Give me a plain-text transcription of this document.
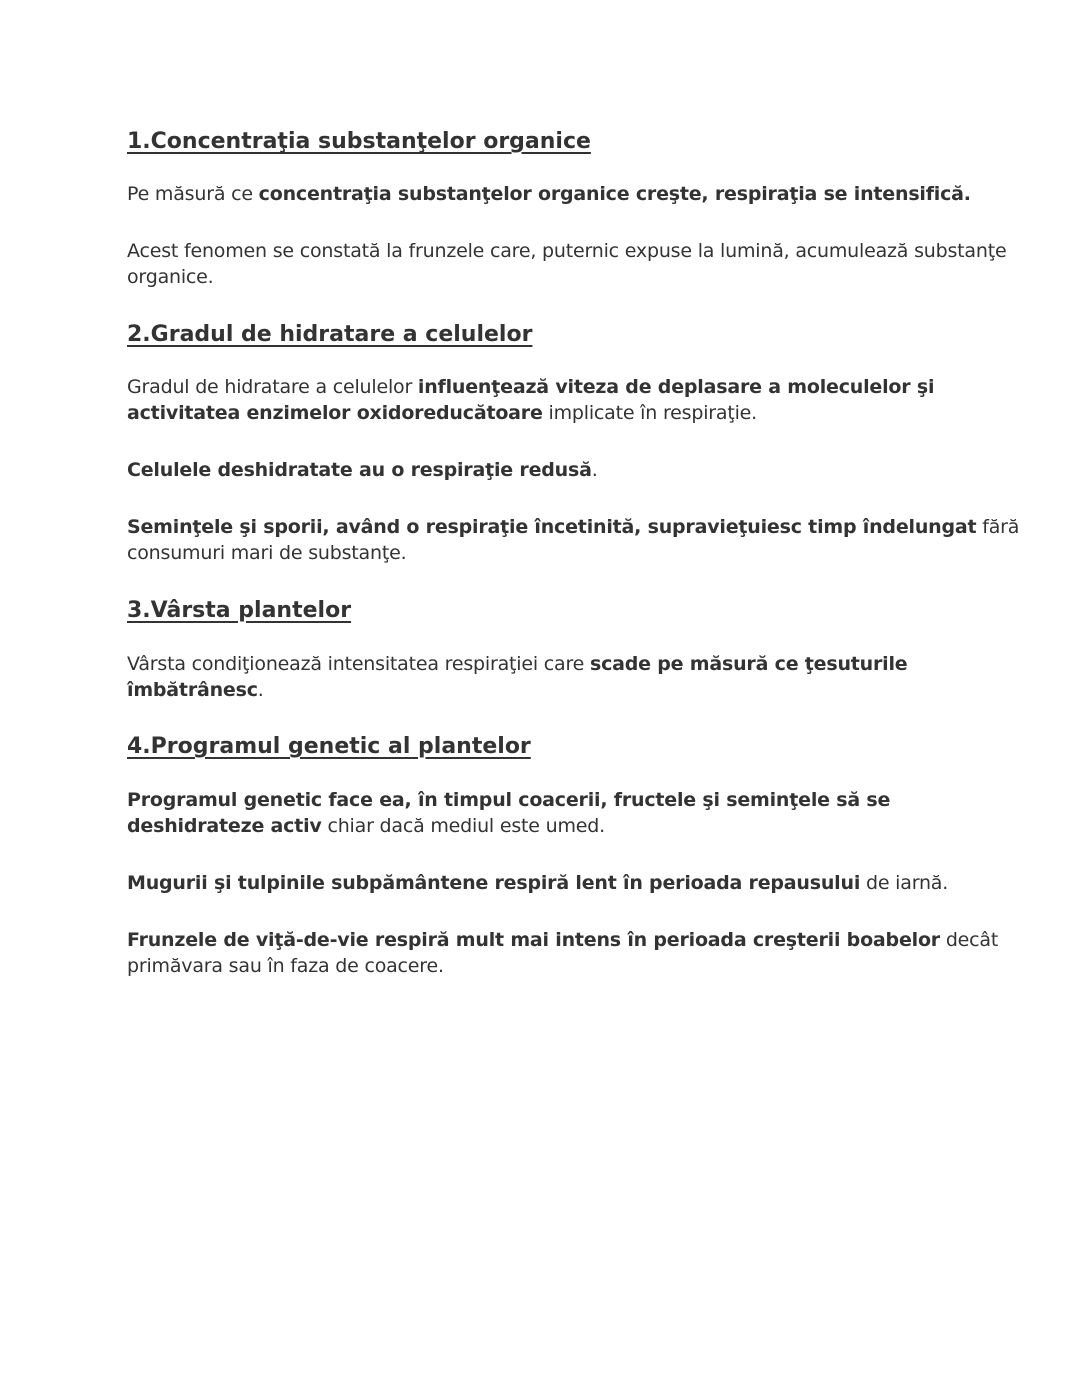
1.Concentraţia substanţelor organice

Pe măsură ce concentraţia substanţelor organice creşte, respiraţia se intensifică.

Acest fenomen se constată la frunzele care, puternic expuse la lumină, acumulează substanţe
organice.

2.Gradul de hidratare a celulelor

Gradul de hidratare a celulelor influenţează viteza de deplasare a moleculelor şi
activitatea enzimelor oxidoreducătoare implicate în respiraţie.

Celulele deshidratate au o respiraţie redusă.

Seminţele şi sporii, având o respiraţie încetinită, supravieţuiesc timp îndelungat fără
consumuri mari de substanţe.

3.Vârsta plantelor

Vârsta condiţionează intensitatea respiraţiei care scade pe măsură ce ţesuturile
îmbătrânesc.

4.Programul genetic al plantelor

Programul genetic face ea, în timpul coacerii, fructele şi seminţele să se
deshidrateze activ chiar dacă mediul este umed.

Mugurii şi tulpinile subpământene respiră lent în perioada repausului de iarnă.

Frunzele de viţă-de-vie respiră mult mai intens în perioada creşterii boabelor decât
primăvara sau în faza de coacere.
